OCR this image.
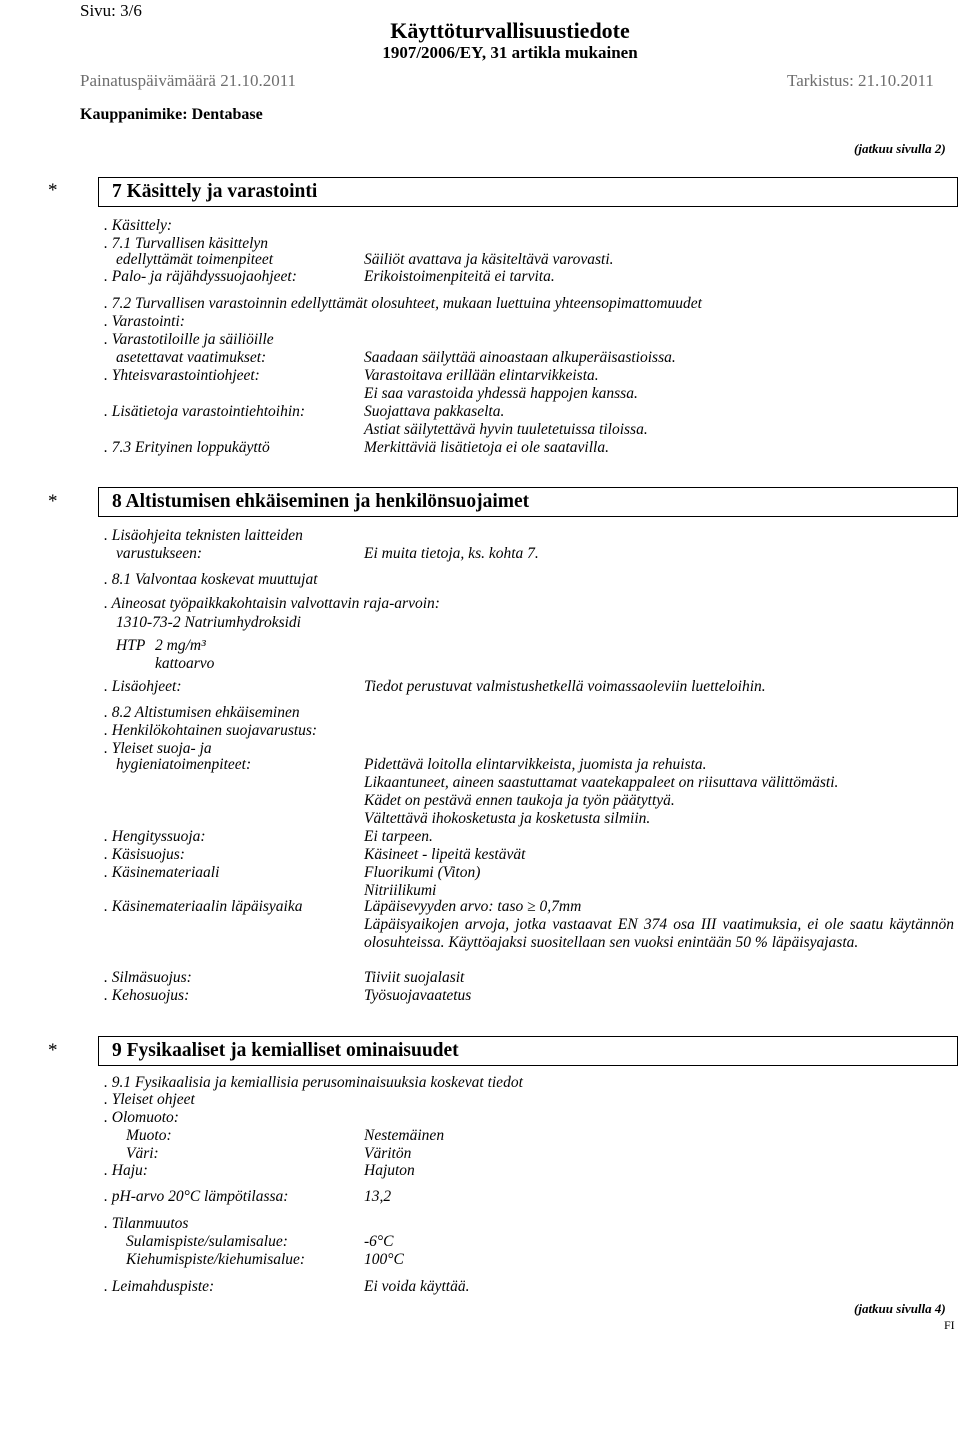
Sivu: 3/6
Käyttöturvallisuustiedote
1907/2006/EY, 31 artikla mukainen
Painatuspäivämäärä 21.10.2011	Tarkistus: 21.10.2011
Kauppanimike: Dentabase
(jatkuu sivulla 2)
*	7 Käsittely ja varastointi
. Käsittely:
. 7.1 Turvallisen käsittelyn
edellyttämät toimenpiteet	Säiliöt avattava ja käsiteltävä varovasti.
. Palo- ja räjähdyssuojaohjeet:	Erikoistoimenpiteitä ei tarvita.
. 7.2 Turvallisen varastoinnin edellyttämät olosuhteet, mukaan luettuina yhteensopimattomuudet
. Varastointi:
. Varastotiloille ja säiliöille
asetettavat vaatimukset:	Saadaan säilyttää ainoastaan alkuperäisastioissa.
. Yhteisvarastointiohjeet:	Varastoitava erillään elintarvikkeista.
Ei saa varastoida yhdessä happojen kanssa.
. Lisätietoja varastointiehtoihin:	Suojattava pakkaselta.
Astiat säilytettävä hyvin tuuletetuissa tiloissa.
. 7.3 Erityinen loppukäyttö	Merkittäviä lisätietoja ei ole saatavilla.
*	8 Altistumisen ehkäiseminen ja henkilönsuojaimet
. Lisäohjeita teknisten laitteiden
varustukseen:	Ei muita tietoja, ks. kohta 7.
. 8.1 Valvontaa koskevat muuttujat
. Aineosat työpaikkakohtaisin valvottavin raja-arvoin:
1310-73-2 Natriumhydroksidi
HTP 2 mg/m³
kattoarvo
. Lisäohjeet:	Tiedot perustuvat valmistushetkellä voimassaoleviin luetteloihin.
. 8.2 Altistumisen ehkäiseminen
. Henkilökohtainen suojavarustus:
. Yleiset suoja- ja
hygieniatoimenpiteet:	Pidettävä loitolla elintarvikkeista, juomista ja rehuista.
Likaantuneet, aineen saastuttamat vaatekappaleet on riisuttava välittömästi.
Kädet on pestävä ennen taukoja ja työn päätyttyä.
Vältettävä ihokosketusta ja kosketusta silmiin.
. Hengityssuoja:	Ei tarpeen.
. Käsisuojus:	Käsineet - lipeitä kestävät
. Käsinemateriaali	Fluorikumi (Viton)
Nitriilikumi
. Käsinemateriaalin läpäisyaika	Läpäisevyyden arvo: taso ≥ 0,7mm
Läpäisyaikojen arvoja, jotka vastaavat EN 374 osa III vaatimuksia, ei ole saatu käytännön olosuhteissa. Käyttöajaksi suositellaan sen vuoksi enintään 50 % läpäisyajasta.
. Silmäsuojus:	Tiiviit suojalasit
. Kehosuojus:	Työsuojavaatetus
*	9 Fysikaaliset ja kemialliset ominaisuudet
. 9.1 Fysikaalisia ja kemiallisia perusominaisuuksia koskevat tiedot
. Yleiset ohjeet
. Olomuoto:
Muoto:	Nestemäinen
Väri:	Väritön
. Haju:	Hajuton
. pH-arvo 20°C lämpötilassa:	13,2
. Tilanmuutos
Sulamispiste/sulamisalue:	-6°C
Kiehumispiste/kiehumisalue:	100°C
. Leimahduspiste:	Ei voida käyttää.
(jatkuu sivulla 4)
FI
